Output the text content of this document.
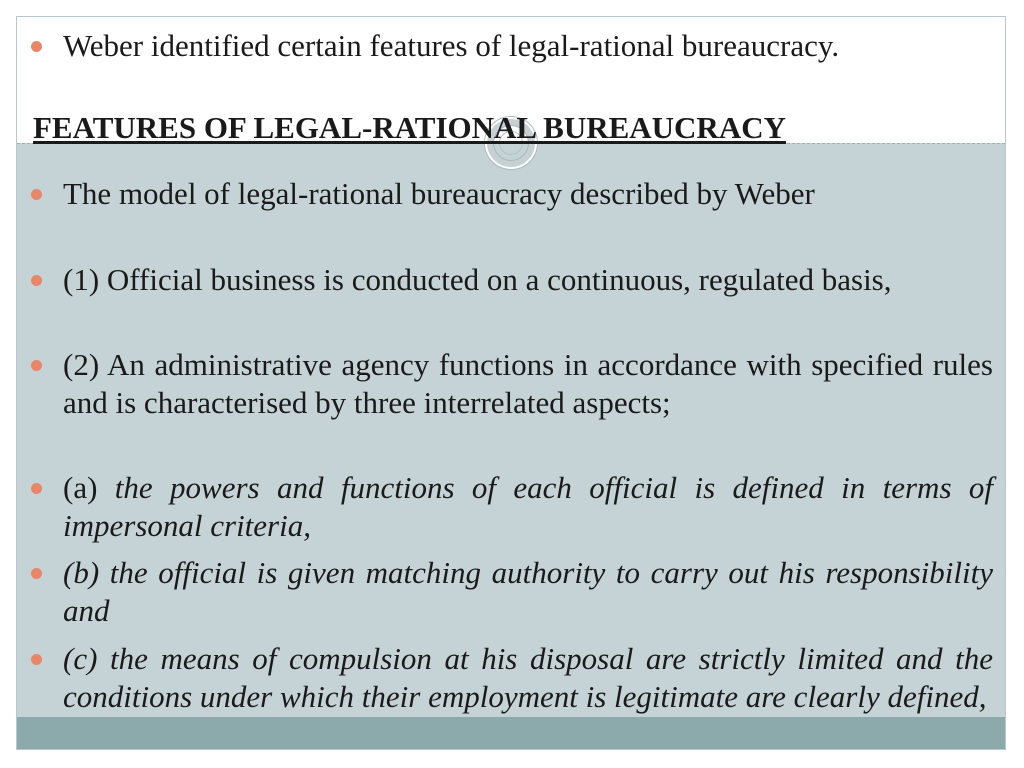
Weber identified certain features of legal-rational bureaucracy.
FEATURES OF LEGAL-RATIONAL BUREAUCRACY
The model of legal-rational bureaucracy described by Weber
(1) Official business is conducted on a continuous, regulated basis,
(2) An administrative agency functions in accordance with specified rules and is characterised by three interrelated aspects;
(a) the powers and functions of each official is defined in terms of impersonal criteria,
(b) the official is given matching authority to carry out his responsibility and
(c) the means of compulsion at his disposal are strictly limited and the conditions under which their employment is legitimate are clearly defined,
